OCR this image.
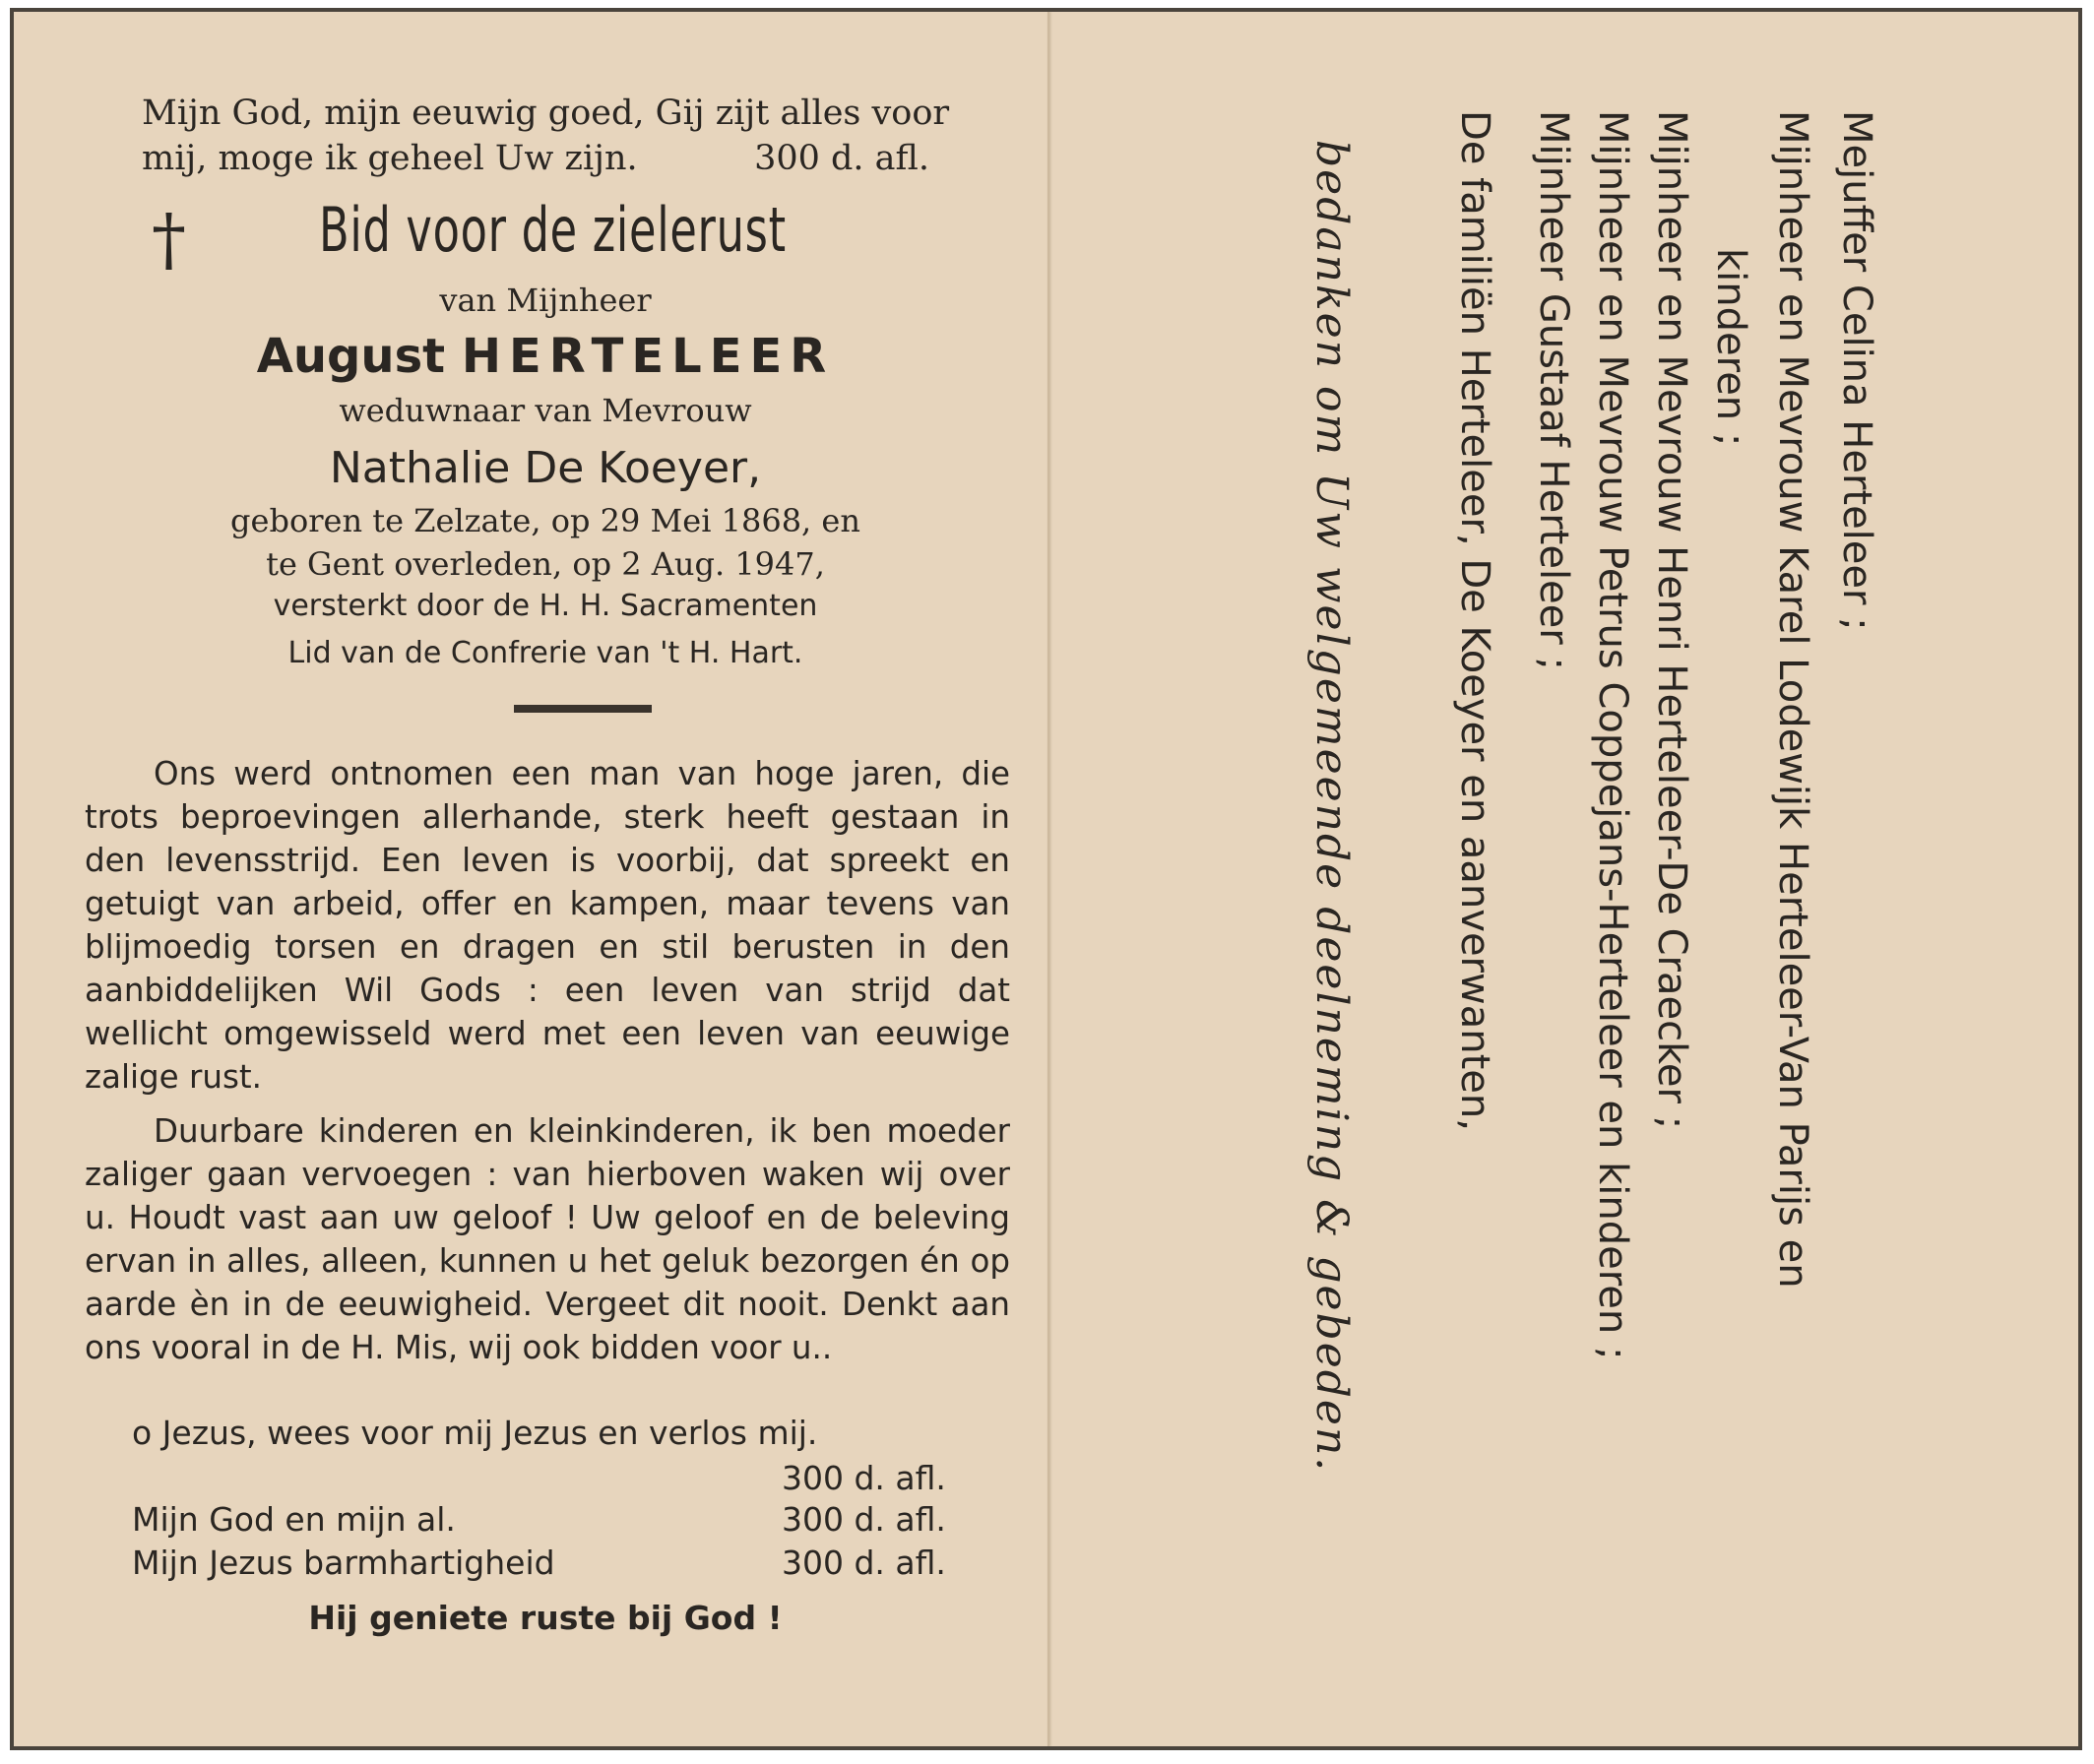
Mijn God, mijn eeuwig goed, Gij zijt alles voor
mij, moge ik geheel Uw zijn.	300 d. afl.
† Bid voor de zielerust
van Mijnheer
August HERTELEER
weduwnaar van Mevrouw
Nathalie De Koeyer,
geboren te Zelzate, op 29 Mei 1868, en
te Gent overleden, op 2 Aug. 1947,
versterkt door de H. H. Sacramenten
Lid van de Confrerie van 't H. Hart.

Ons werd ontnomen een man van hoge jaren, die trots beproevingen allerhande, sterk heeft gestaan in den levensstrijd. Een leven is voorbij, dat spreekt en getuigt van arbeid, offer en kampen, maar tevens van blijmoedig torsen en dragen en stil berusten in den aanbiddelijken Wil Gods : een leven van strijd dat wellicht omgewisseld werd met een leven van eeuwige zalige rust.

Duurbare kinderen en kleinkinderen, ik ben moeder zaliger gaan vervoegen : van hierboven waken wij over u. Houdt vast aan uw geloof ! Uw geloof en de beleving ervan in alles, alleen, kunnen u het geluk bezorgen én op aarde èn in de eeuwigheid. Vergeet dit nooit. Denkt aan ons vooral in de H. Mis, wij ook bidden voor u..

o Jezus, wees voor mij Jezus en verlos mij.
300 d. afl.
Mijn God en mijn al.	300 d. afl.
Mijn Jezus barmhartigheid	300 d. afl.
Hij geniete ruste bij God !
Mejuffer Celina Herteleer ;
Mijnheer en Mevrouw Karel Lodewijk Herteleer-Van Parijs en
kinderen ;
Mijnheer en Mevrouw Henri Herteleer-De Craecker ;
Mijnheer en Mevrouw Petrus Coppejans-Herteleer en kinderen ;
Mijnheer Gustaaf Herteleer ;
De familiën Herteleer, De Koeyer en aanverwanten,
bedanken om Uw welgemeende deelneming & gebeden.
